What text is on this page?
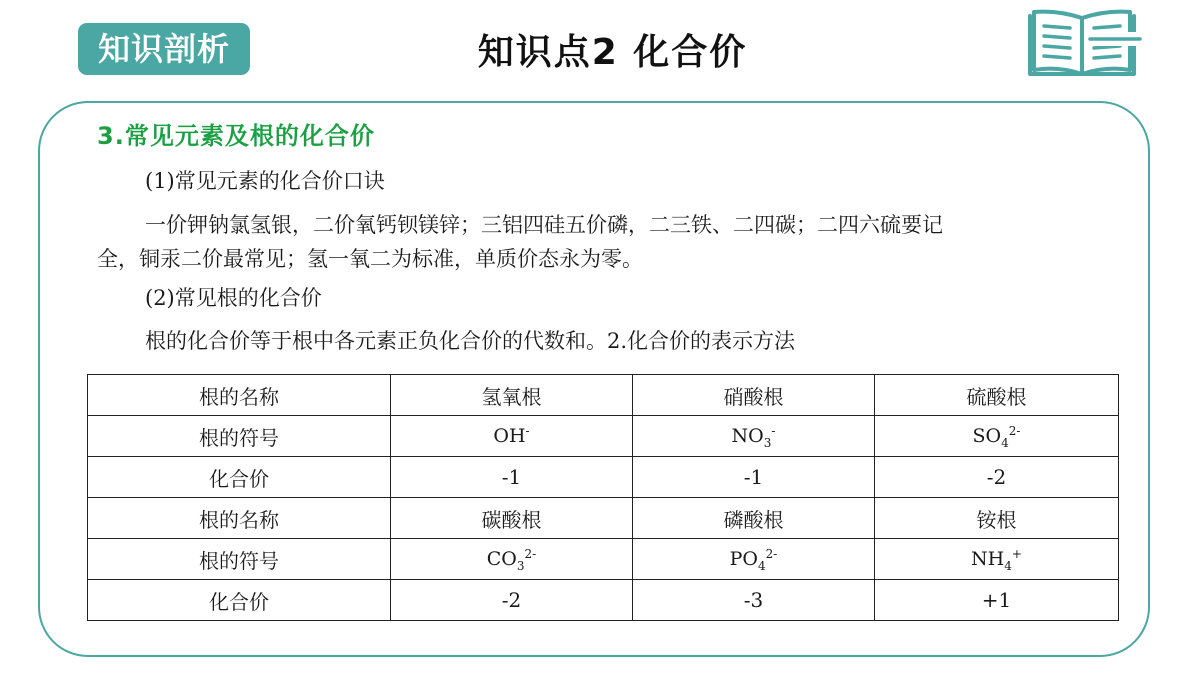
知识剖析	知识点2 化合价
3.常见元素及根的化合价
(1)常见元素的化合价口诀
一价钾钠氯氢银，二价氧钙钡镁锌；三铝四硅五价磷，二三铁、二四碳；二四六硫要记
全，铜汞二价最常见；氢一氧二为标准，单质价态永为零。
(2)常见根的化合价
根的化合价等于根中各元素正负化合价的代数和。2.化合价的表示方法
根的名称	氢氧根	硝酸根	硫酸根
根的符号	OH-	$NO_3^-$	$SO_4^{2-}$
化合价	-1	-1	-2
根的名称	碳酸根	磷酸根	铵根
根的符号	$CO_3^{2-}$	$PO_4^{2-}$	$NH_4^+$
化合价	-2	-3	+1
